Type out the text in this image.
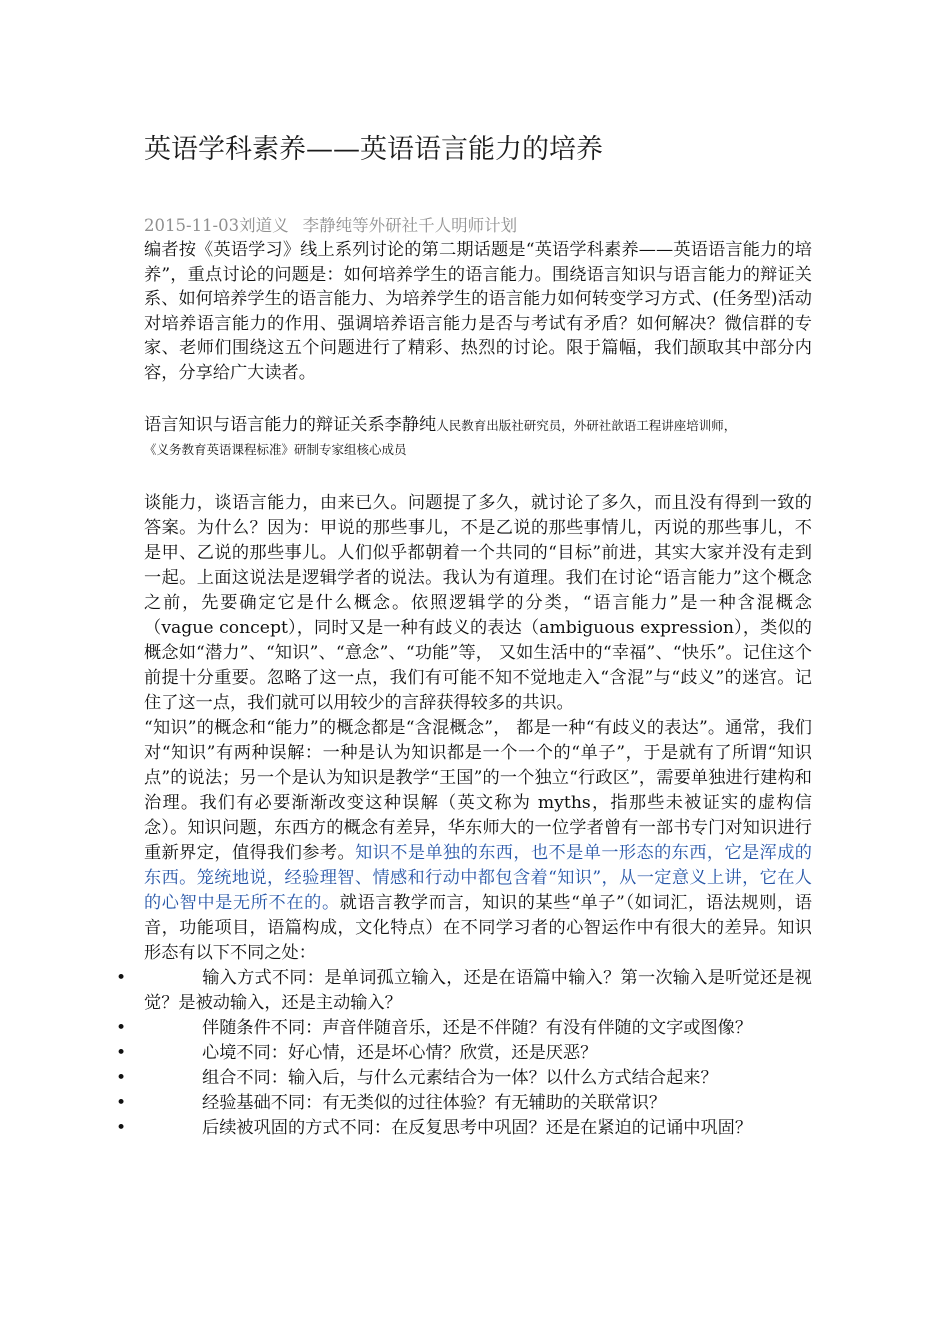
英语学科素养——英语语言能力的培养
2015-11-03刘道义 李静纯等外研社千人明师计划

编者按《英语学习》线上系列讨论的第二期话题是“英语学科素养——英语语言能力的培养”，重点讨论的问题是：如何培养学生的语言能力。围绕语言知识与语言能力的辩证关系、如何培养学生的语言能力、为培养学生的语言能力如何转变学习方式、(任务型)活动对培养语言能力的作用、强调培养语言能力是否与考试有矛盾？如何解决？微信群的专家、老师们围绕这五个问题进行了精彩、热烈的讨论。限于篇幅，我们颉取其中部分内容，分享给广大读者。

语言知识与语言能力的辩证关系李静纯人民教育出版社研究员，外研社歆语工程讲座培训师，
《义务教育英语课程标准》研制专家组核心成员

谈能力，谈语言能力，由来已久。问题提了多久，就讨论了多久，而且没有得到一致的答案。为什么？因为：甲说的那些事儿，不是乙说的那些事情儿，丙说的那些事儿，不是甲、乙说的那些事儿。人们似乎都朝着一个共同的“目标”前进，其实大家并没有走到一起。上面这说法是逻辑学者的说法。我认为有道理。我们在讨论“语言能力”这个概念之前，先要确定它是什么概念。依照逻辑学的分类，“语言能力”是一种含混概念（vague concept），同时又是一种有歧义的表达（ambiguous expression），类似的概念如“潜力”、“知识”、“意念”、“功能”等， 又如生活中的“幸福”、“快乐”。记住这个前提十分重要。忽略了这一点，我们有可能不知不觉地走入“含混”与“歧义”的迷宫。记住了这一点，我们就可以用较少的言辞获得较多的共识。

“知识”的概念和“能力”的概念都是“含混概念”， 都是一种“有歧义的表达”。通常，我们对“知识”有两种误解：一种是认为知识都是一个一个的“单子”，于是就有了所谓“知识点”的说法；另一个是认为知识是教学“王国”的一个独立“行政区”，需要单独进行建构和治理。我们有必要渐渐改变这种误解（英文称为 myths，指那些未被证实的虚构信念）。知识问题，东西方的概念有差异，华东师大的一位学者曾有一部书专门对知识进行重新界定，值得我们参考。知识不是单独的东西，也不是单一形态的东西，它是浑成的东西。笼统地说，经验理智、情感和行动中都包含着“知识”，从一定意义上讲，它在人的心智中是无所不在的。就语言教学而言，知识的某些“单子”（如词汇，语法规则，语音，功能项目，语篇构成，文化特点）在不同学习者的心智运作中有很大的差异。知识形态有以下不同之处：

•	输入方式不同：是单词孤立输入，还是在语篇中输入？第一次输入是听觉还是视觉？是被动输入，还是主动输入？
•	伴随条件不同：声音伴随音乐，还是不伴随？有没有伴随的文字或图像？
•	心境不同：好心情，还是坏心情？欣赏，还是厌恶？
•	组合不同：输入后，与什么元素结合为一体？以什么方式结合起来？
•	经验基础不同：有无类似的过往体验？有无辅助的关联常识？
•	后续被巩固的方式不同：在反复思考中巩固？还是在紧迫的记诵中巩固？
